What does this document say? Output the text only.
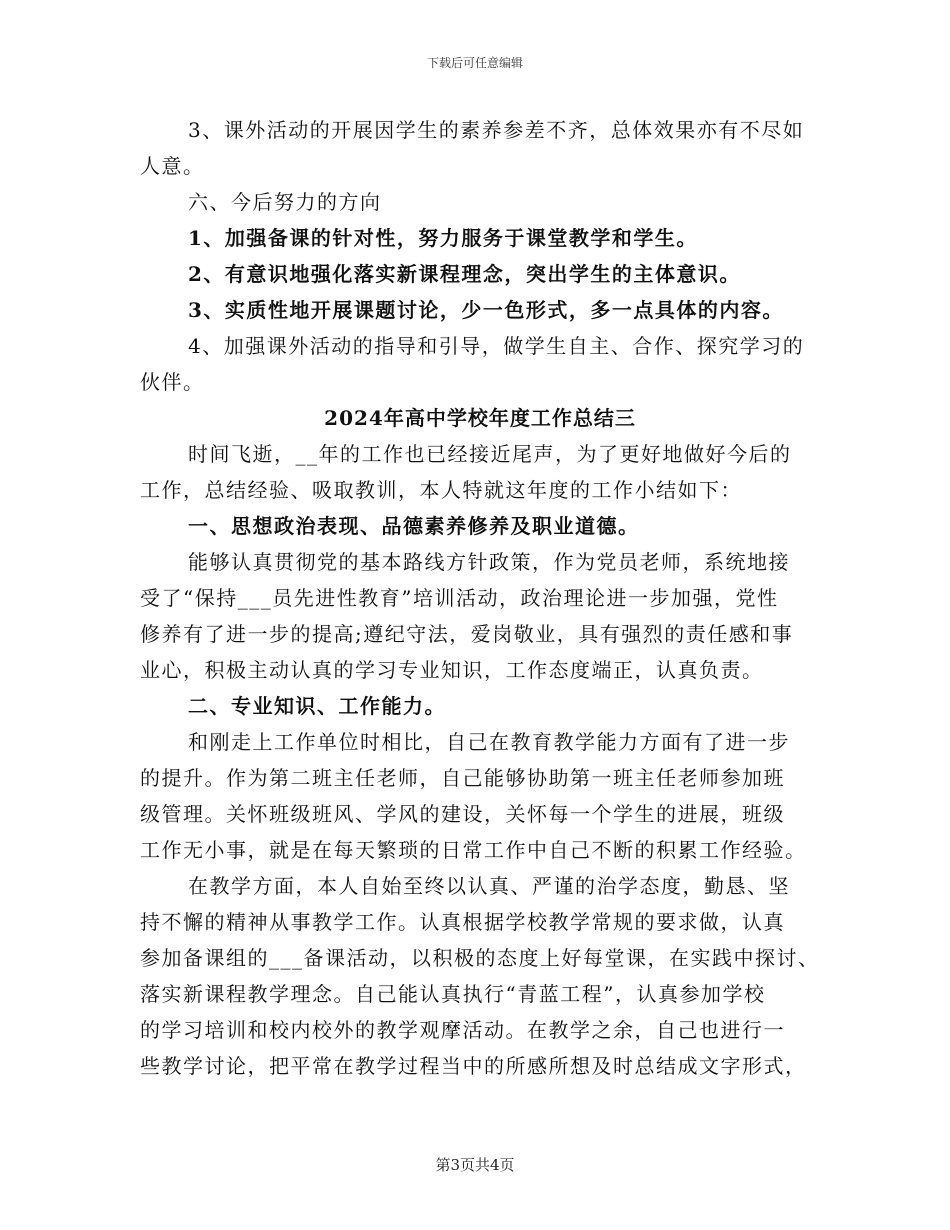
下载后可任意编辑
3、课外活动的开展因学生的素养参差不齐，总体效果亦有不尽如
人意。
六、今后努力的方向
1、加强备课的针对性，努力服务于课堂教学和学生。
2、有意识地强化落实新课程理念，突出学生的主体意识。
3、实质性地开展课题讨论，少一色形式，多一点具体的内容。
4、加强课外活动的指导和引导，做学生自主、合作、探究学习的
伙伴。
2024年高中学校年度工作总结三
时间飞逝，__年的工作也已经接近尾声，为了更好地做好今后的
工作，总结经验、吸取教训，本人特就这年度的工作小结如下：
一、思想政治表现、品德素养修养及职业道德。
能够认真贯彻党的基本路线方针政策，作为党员老师，系统地接
受了“保持___员先进性教育”培训活动，政治理论进一步加强，党性
修养有了进一步的提高;遵纪守法，爱岗敬业，具有强烈的责任感和事
业心，积极主动认真的学习专业知识，工作态度端正，认真负责。
二、专业知识、工作能力。
和刚走上工作单位时相比，自己在教育教学能力方面有了进一步
的提升。作为第二班主任老师，自己能够协助第一班主任老师参加班
级管理。关怀班级班风、学风的建设，关怀每一个学生的进展，班级
工作无小事，就是在每天繁琐的日常工作中自己不断的积累工作经验。
在教学方面，本人自始至终以认真、严谨的治学态度，勤恳、坚
持不懈的精神从事教学工作。认真根据学校教学常规的要求做，认真
参加备课组的___备课活动，以积极的态度上好每堂课，在实践中探讨、
落实新课程教学理念。自己能认真执行“青蓝工程”，认真参加学校
的学习培训和校内校外的教学观摩活动。在教学之余，自己也进行一
些教学讨论，把平常在教学过程当中的所感所想及时总结成文字形式，
第3页共4页
